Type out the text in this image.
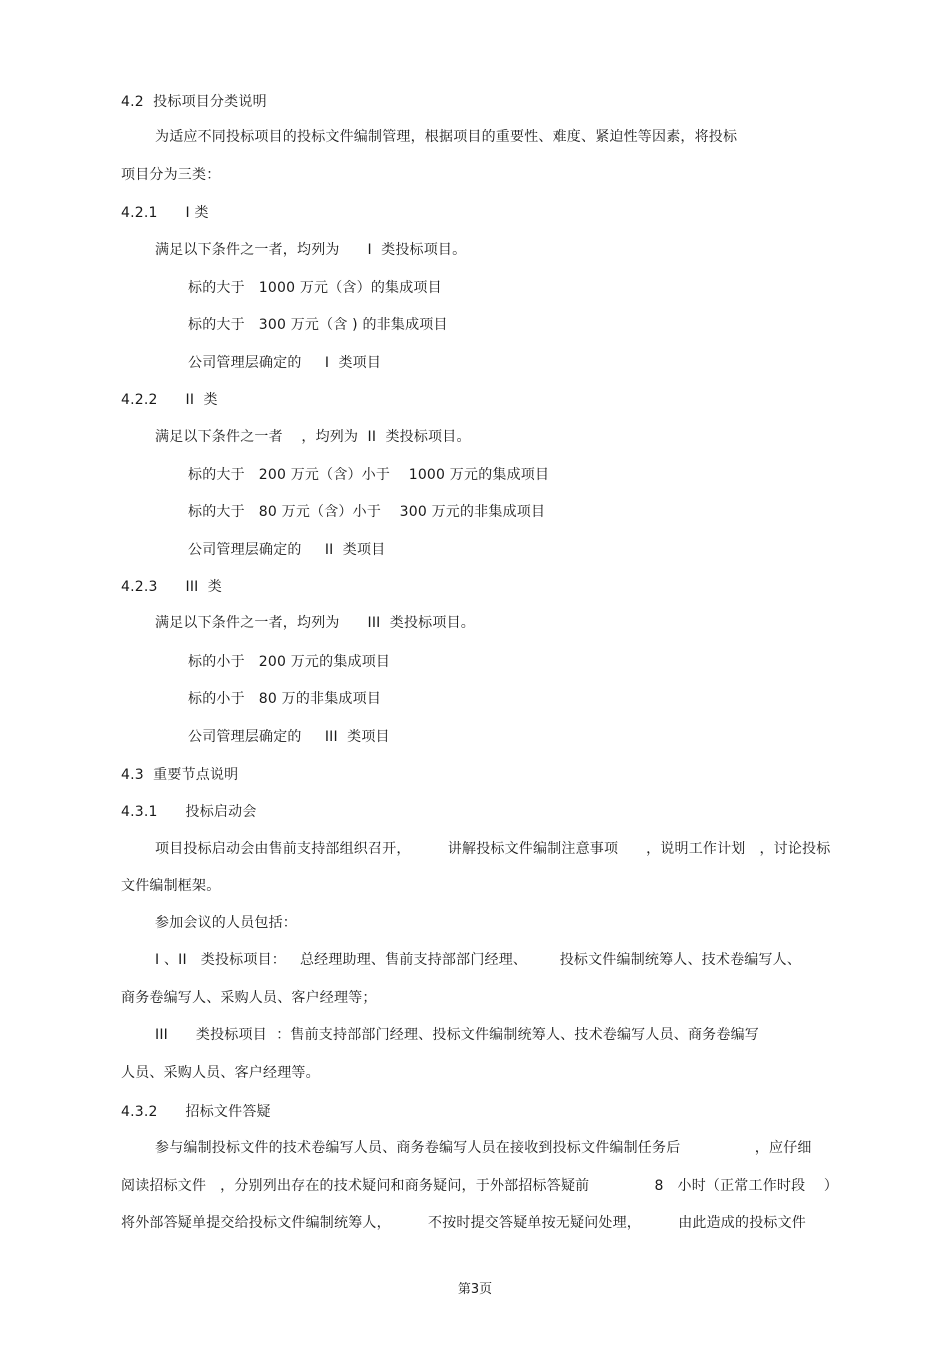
4.2  投标项目分类说明
为适应不同投标项目的投标文件编制管理，根据项目的重要性、难度、紧迫性等因素，将投标
项目分为三类：
4.2.1      I 类
满足以下条件之一者，均列为      I  类投标项目。
标的大于   1000 万元（含）的集成项目
标的大于   300 万元（含 ) 的非集成项目
公司管理层确定的     I  类项目
4.2.2      II  类
满足以下条件之一者    ，均列为  II  类投标项目。
标的大于   200 万元（含）小于    1000 万元的集成项目
标的大于   80 万元（含）小于    300 万元的非集成项目
公司管理层确定的     II  类项目
4.2.3      III  类
满足以下条件之一者，均列为      III  类投标项目。
标的小于   200 万元的集成项目
标的小于   80 万的非集成项目
公司管理层确定的     III  类项目
4.3  重要节点说明
4.3.1      投标启动会
项目投标启动会由售前支持部组织召开，        讲解投标文件编制注意事项      ，说明工作计划   ，讨论投标
文件编制框架。
参加会议的人员包括：
I 、II   类投标项目：   总经理助理、售前支持部部门经理、       投标文件编制统筹人、技术卷编写人、
商务卷编写人、采购人员、客户经理等；
III      类投标项目  ：售前支持部部门经理、投标文件编制统筹人、技术卷编写人员、商务卷编写
人员、采购人员、客户经理等。
4.3.2      招标文件答疑
参与编制投标文件的技术卷编写人员、商务卷编写人员在接收到投标文件编制任务后                ，应仔细
阅读招标文件   ，分别列出存在的技术疑问和商务疑问，于外部招标答疑前              8   小时（正常工作时段    ）
将外部答疑单提交给投标文件编制统筹人，        不按时提交答疑单按无疑问处理，        由此造成的投标文件
第3页
